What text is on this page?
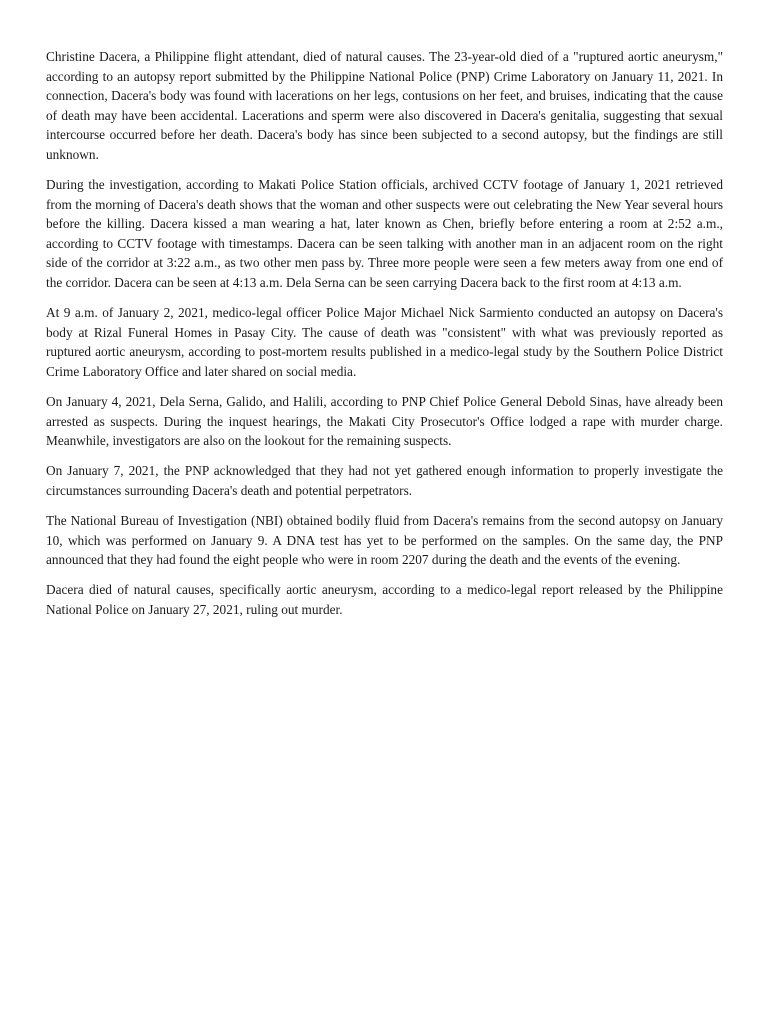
Christine Dacera, a Philippine flight attendant, died of natural causes. The 23-year-old died of a "ruptured aortic aneurysm," according to an autopsy report submitted by the Philippine National Police (PNP) Crime Laboratory on January 11, 2021. In connection, Dacera's body was found with lacerations on her legs, contusions on her feet, and bruises, indicating that the cause of death may have been accidental. Lacerations and sperm were also discovered in Dacera's genitalia, suggesting that sexual intercourse occurred before her death. Dacera's body has since been subjected to a second autopsy, but the findings are still unknown.

During the investigation, according to Makati Police Station officials, archived CCTV footage of January 1, 2021 retrieved from the morning of Dacera's death shows that the woman and other suspects were out celebrating the New Year several hours before the killing. Dacera kissed a man wearing a hat, later known as Chen, briefly before entering a room at 2:52 a.m., according to CCTV footage with timestamps. Dacera can be seen talking with another man in an adjacent room on the right side of the corridor at 3:22 a.m., as two other men pass by. Three more people were seen a few meters away from one end of the corridor. Dacera can be seen at 4:13 a.m. Dela Serna can be seen carrying Dacera back to the first room at 4:13 a.m.

At 9 a.m. of January 2, 2021, medico-legal officer Police Major Michael Nick Sarmiento conducted an autopsy on Dacera's body at Rizal Funeral Homes in Pasay City. The cause of death was "consistent" with what was previously reported as ruptured aortic aneurysm, according to post-mortem results published in a medico-legal study by the Southern Police District Crime Laboratory Office and later shared on social media.

On January 4, 2021, Dela Serna, Galido, and Halili, according to PNP Chief Police General Debold Sinas, have already been arrested as suspects. During the inquest hearings, the Makati City Prosecutor's Office lodged a rape with murder charge. Meanwhile, investigators are also on the lookout for the remaining suspects.

On January 7, 2021, the PNP acknowledged that they had not yet gathered enough information to properly investigate the circumstances surrounding Dacera's death and potential perpetrators.

The National Bureau of Investigation (NBI) obtained bodily fluid from Dacera's remains from the second autopsy on January 10, which was performed on January 9. A DNA test has yet to be performed on the samples. On the same day, the PNP announced that they had found the eight people who were in room 2207 during the death and the events of the evening.

Dacera died of natural causes, specifically aortic aneurysm, according to a medico-legal report released by the Philippine National Police on January 27, 2021, ruling out murder.
